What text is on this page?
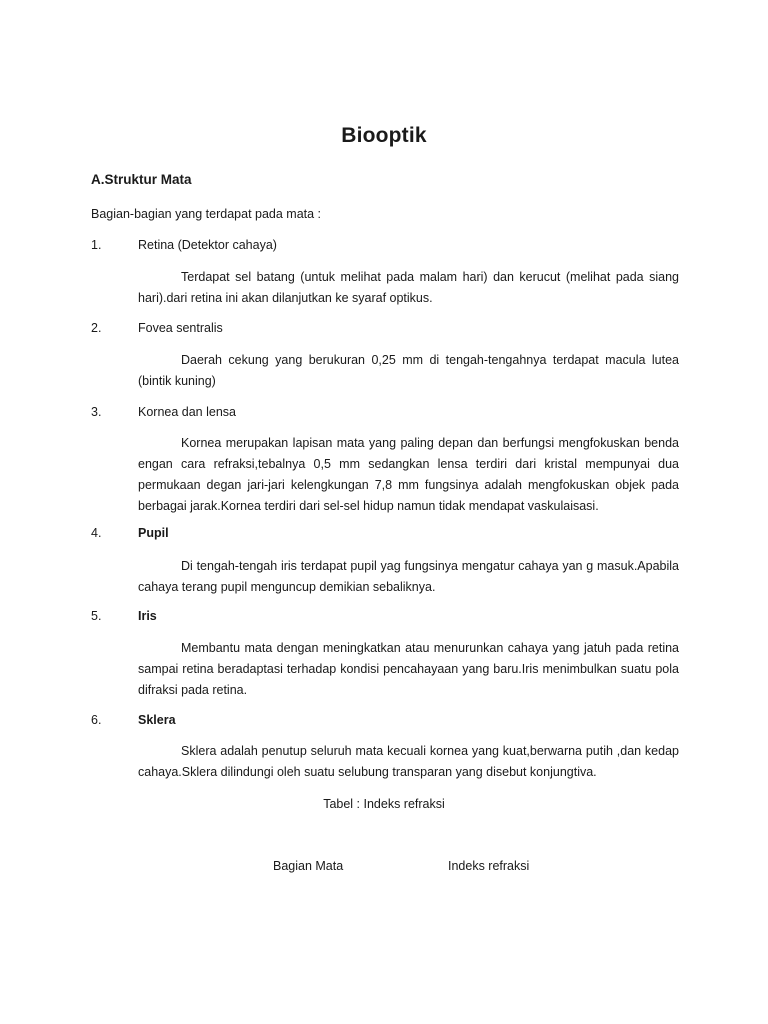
Biooptik
A.Struktur Mata
Bagian-bagian yang terdapat pada mata :
1.	Retina (Detektor cahaya)
Terdapat sel batang (untuk melihat pada malam hari) dan kerucut (melihat pada siang hari).dari retina ini akan dilanjutkan ke syaraf optikus.
2.	Fovea sentralis
Daerah cekung yang berukuran 0,25 mm di tengah-tengahnya terdapat macula lutea (bintik kuning)
3.	Kornea dan lensa
Kornea merupakan lapisan mata yang paling depan dan berfungsi mengfokuskan benda engan cara refraksi,tebalnya 0,5 mm sedangkan lensa terdiri dari kristal mempunyai dua permukaan degan jari-jari kelengkungan 7,8 mm fungsinya adalah mengfokuskan objek pada berbagai jarak.Kornea terdiri dari sel-sel hidup namun tidak mendapat vaskulaisasi.
4.	Pupil
Di tengah-tengah iris terdapat pupil yag fungsinya mengatur cahaya yan g masuk.Apabila cahaya terang pupil menguncup demikian sebaliknya.
5.	Iris
Membantu mata dengan meningkatkan atau menurunkan cahaya yang jatuh pada retina sampai retina beradaptasi terhadap kondisi pencahayaan yang baru.Iris menimbulkan suatu pola difraksi pada retina.
6.	Sklera
Sklera adalah penutup seluruh mata kecuali kornea yang kuat,berwarna putih ,dan kedap cahaya.Sklera dilindungi oleh suatu selubung transparan yang disebut konjungtiva.
Tabel : Indeks refraksi
Bagian Mata	Indeks refraksi
